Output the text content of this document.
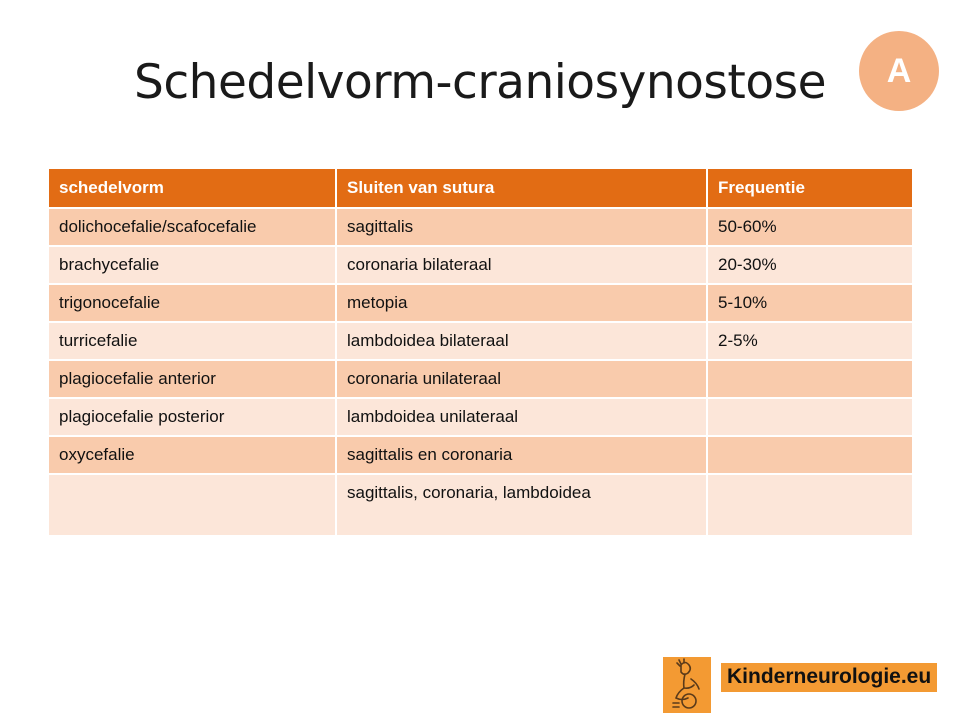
Schedelvorm-craniosynostose	A
schedelvorm	Sluiten van sutura	Frequentie
dolichocefalie/scafocefalie	sagittalis	50-60%
brachycefalie	coronaria bilateraal	20-30%
trigonocefalie	metopia	5-10%
turricefalie	lambdoidea bilateraal	2-5%
plagiocefalie anterior	coronaria unilateraal	
plagiocefalie posterior	lambdoidea unilateraal	
oxycefalie	sagittalis en coronaria	
	sagittalis, coronaria, lambdoidea	
Kinderneurologie.eu
